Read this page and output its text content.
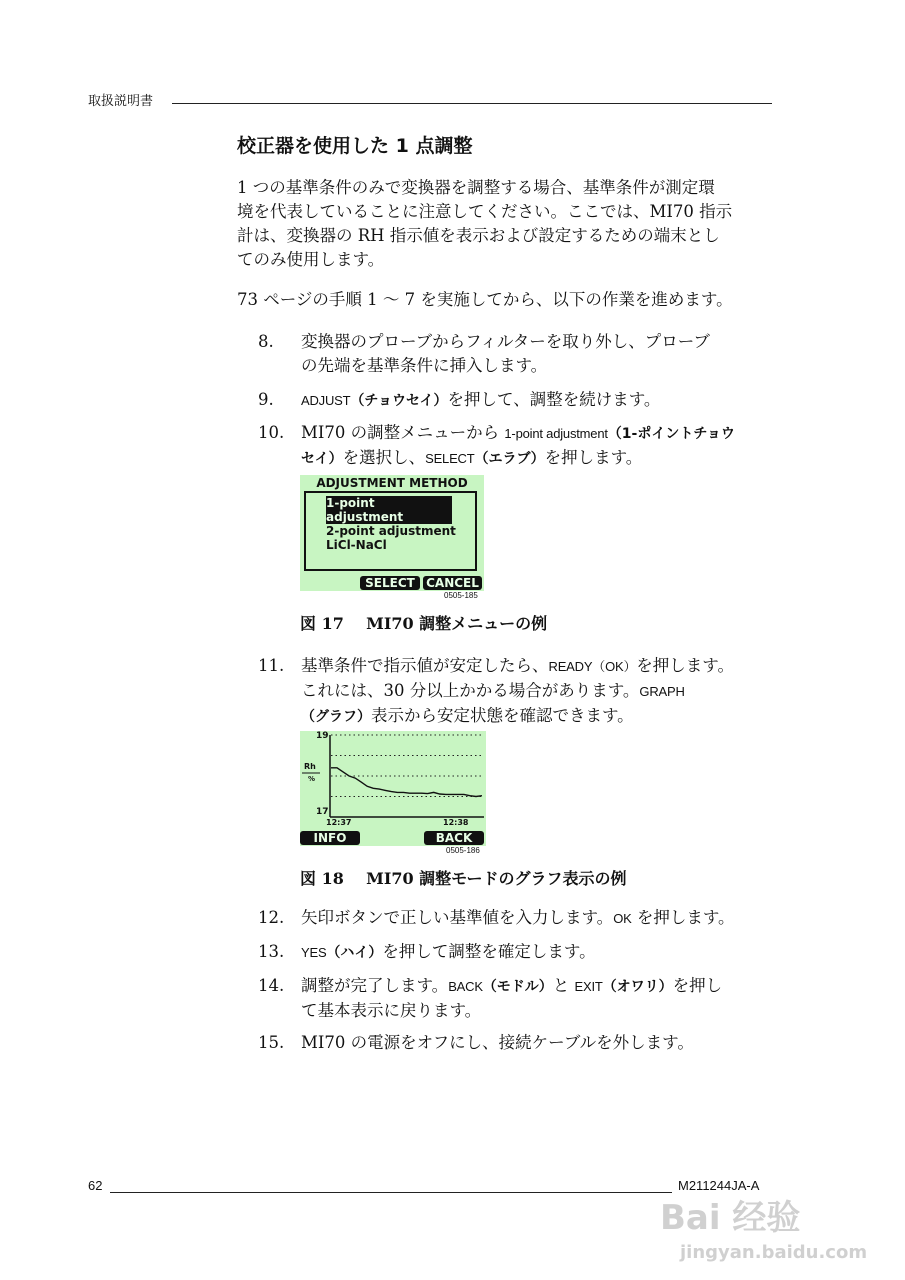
取扱説明書
校正器を使用した 1 点調整
1 つの基準条件のみで変換器を調整する場合、基準条件が測定環
境を代表していることに注意してください。ここでは、MI70 指示
計は、変換器の RH 指示値を表示および設定するための端末とし
てのみ使用します。
73 ページの手順 1 ～ 7 を実施してから、以下の作業を進めます。
8. 変換器のプローブからフィルターを取り外し、プローブ
の先端を基準条件に挿入します。
9. ADJUST（チョウセイ）を押して、調整を続けます。
10. MI70 の調整メニューから 1-point adjustment（1-ポイントチョウ
セイ）を選択し、SELECT（エラブ）を押します。
ADJUSTMENT METHOD
1-point adjustment
2-point adjustment
LiCl-NaCl
SELECT CANCEL
0505-185
図 17 MI70 調整メニューの例
11. 基準条件で指示値が安定したら、READY（OK）を押します。
これには、30 分以上かかる場合があります。GRAPH
（グラフ）表示から安定状態を確認できます。
19
17
Rh
%
12:37	12:38
INFO	BACK
0505-186
図 18 MI70 調整モードのグラフ表示の例
12. 矢印ボタンで正しい基準値を入力します。OK を押します。
13. YES（ハイ）を押して調整を確定します。
14. 調整が完了します。BACK（モドル）と EXIT（オワリ）を押し
て基本表示に戻ります。
15. MI70 の電源をオフにし、接続ケーブルを外します。
62	M211244JA-A
Bai 经验
jingyan.baidu.com
